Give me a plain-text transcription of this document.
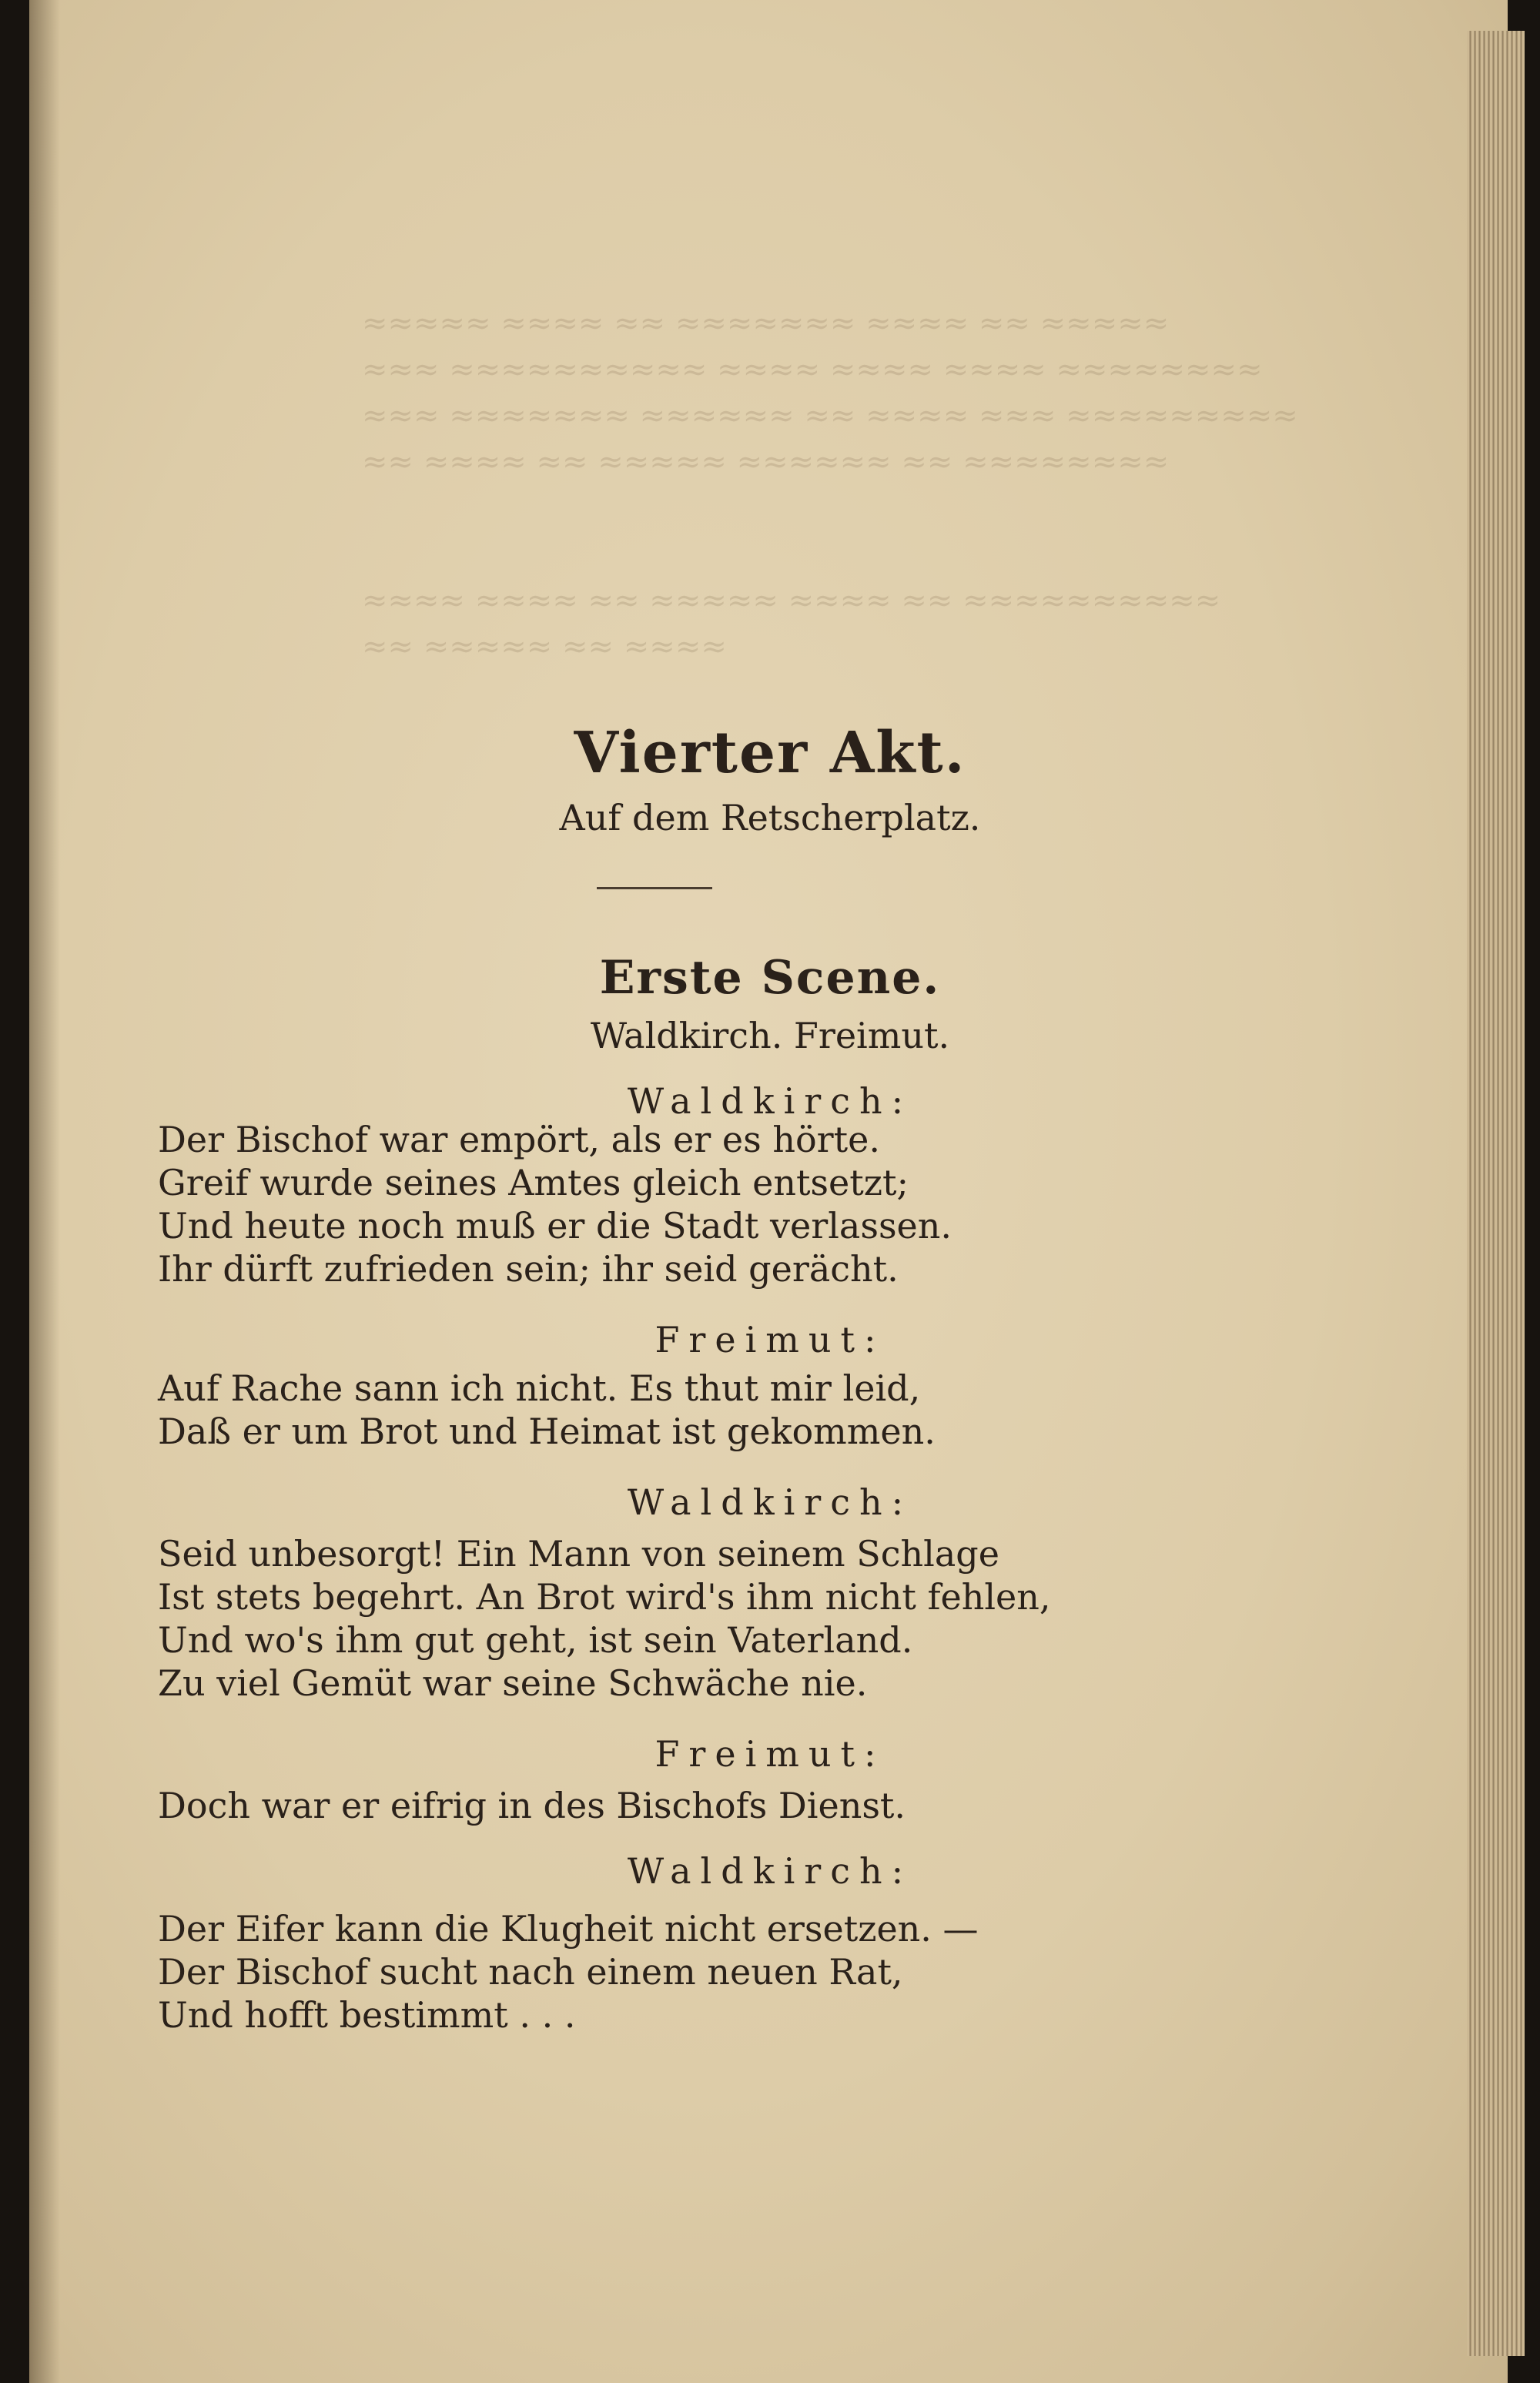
≈≈≈≈≈ ≈≈≈≈ ≈≈ ≈≈≈≈≈≈≈ ≈≈≈≈ ≈≈ ≈≈≈≈≈
≈≈≈ ≈≈≈≈≈≈≈≈≈≈ ≈≈≈≈ ≈≈≈≈ ≈≈≈≈ ≈≈≈≈≈≈≈≈
≈≈≈ ≈≈≈≈≈≈≈ ≈≈≈≈≈≈ ≈≈ ≈≈≈≈ ≈≈≈
≈≈ ≈≈≈≈ ≈≈ ≈≈≈≈≈ ≈≈≈≈≈≈ ≈≈ ≈≈≈≈≈≈≈≈

≈≈≈≈ ≈≈≈≈ ≈≈ ≈≈≈≈≈ ≈≈≈≈ ≈≈ ≈≈≈≈≈≈≈≈≈≈
≈≈ ≈≈≈≈≈ ≈≈ ≈≈≈≈

Vierter Akt.
Auf dem Retscherplatz.
Erste Scene.
Waldkirch. Freimut.
Waldkirch:
Der Bischof war empört, als er es hörte.
Greif wurde seines Amtes gleich entsetzt;
Und heute noch muß er die Stadt verlassen.
Ihr dürft zufrieden sein; ihr seid gerächt.
Freimut:
Auf Rache sann ich nicht. Es thut mir leid,
Daß er um Brot und Heimat ist gekommen.
Waldkirch:
Seid unbesorgt! Ein Mann von seinem Schlage
Ist stets begehrt. An Brot wird's ihm nicht fehlen,
Und wo's ihm gut geht, ist sein Vaterland.
Zu viel Gemüt war seine Schwäche nie.
Freimut:
Doch war er eifrig in des Bischofs Dienst.
Waldkirch:
Der Eifer kann die Klugheit nicht ersetzen. —
Der Bischof sucht nach einem neuen Rat,
Und hofft bestimmt . . .
